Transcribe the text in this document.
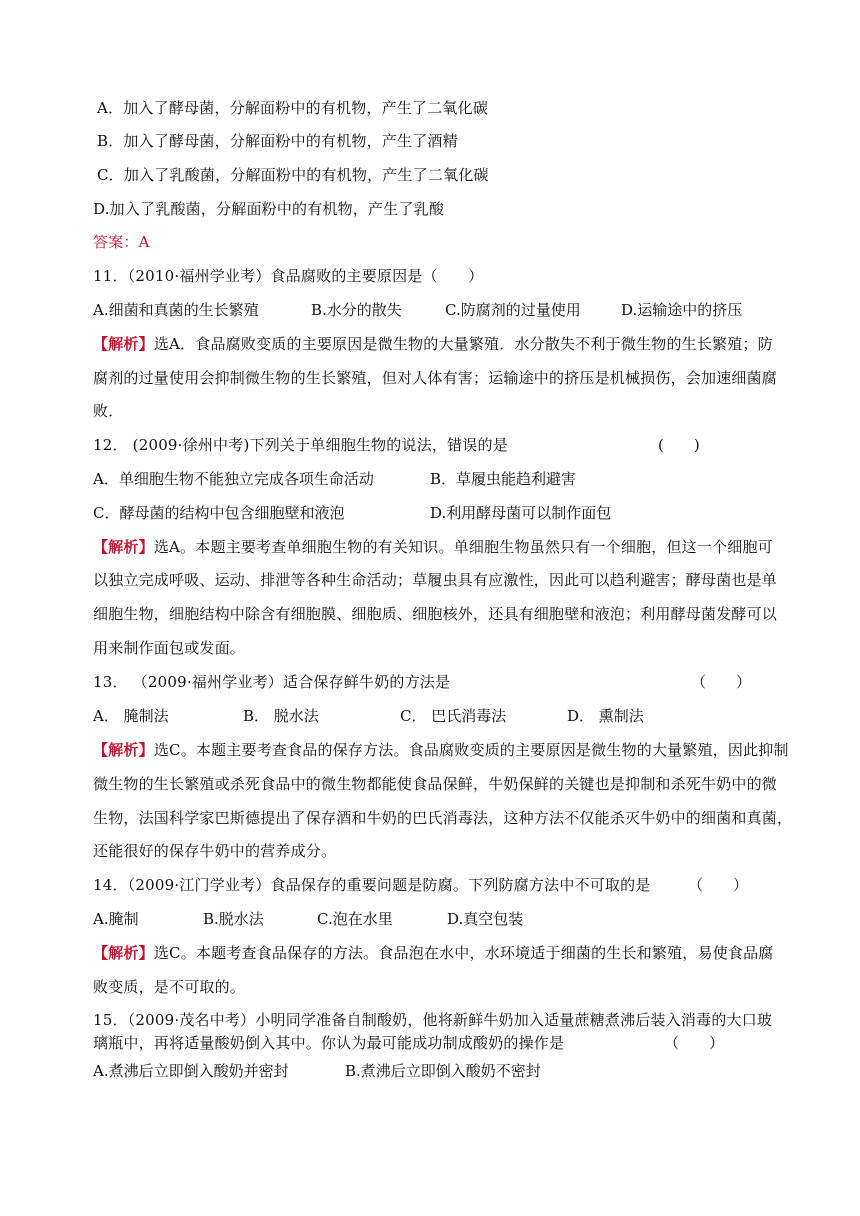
A．加入了酵母菌，分解面粉中的有机物，产生了二氧化碳
B．加入了酵母菌，分解面粉中的有机物，产生了酒精
C．加入了乳酸菌，分解面粉中的有机物，产生了二氧化碳
D.加入了乳酸菌，分解面粉中的有机物，产生了乳酸
答案：A
11．（2010·福州学业考）食品腐败的主要原因是（　　）
A.细菌和真菌的生长繁殖	B.水分的散失	C.防腐剂的过量使用	D.运输途中的挤压
【解析】选A．食品腐败变质的主要原因是微生物的大量繁殖．水分散失不利于微生物的生长繁殖；防
腐剂的过量使用会抑制微生物的生长繁殖，但对人体有害；运输途中的挤压是机械损伤，会加速细菌腐
败．
12． (2009·徐州中考)下列关于单细胞生物的说法，错误的是	(　　)
A．单细胞生物不能独立完成各项生命活动	B．草履虫能趋利避害
C．酵母菌的结构中包含细胞壁和液泡	D.利用酵母菌可以制作面包
【解析】选A。本题主要考查单细胞生物的有关知识。单细胞生物虽然只有一个细胞，但这一个细胞可
以独立完成呼吸、运动、排泄等各种生命活动；草履虫具有应激性，因此可以趋利避害；酵母菌也是单
细胞生物，细胞结构中除含有细胞膜、细胞质、细胞核外，还具有细胞壁和液泡；利用酵母菌发酵可以
用来制作面包或发面。
13． （2009·福州学业考）适合保存鲜牛奶的方法是	（　　）
A． 腌制法	B． 脱水法	C． 巴氏消毒法	D． 熏制法
【解析】选C。本题主要考查食品的保存方法。食品腐败变质的主要原因是微生物的大量繁殖，因此抑制
微生物的生长繁殖或杀死食品中的微生物都能使食品保鲜，牛奶保鲜的关键也是抑制和杀死牛奶中的微
生物，法国科学家巴斯德提出了保存酒和牛奶的巴氏消毒法，这种方法不仅能杀灭牛奶中的细菌和真菌，
还能很好的保存牛奶中的营养成分。
14．（2009·江门学业考）食品保存的重要问题是防腐。下列防腐方法中不可取的是 （　　）
A.腌制	B.脱水法	C.泡在水里	D.真空包装
【解析】选C。本题考查食品保存的方法。食品泡在水中，水环境适于细菌的生长和繁殖，易使食品腐
败变质，是不可取的。
15．（2009·茂名中考）小明同学准备自制酸奶，他将新鲜牛奶加入适量蔗糖煮沸后装入消毒的大口玻
璃瓶中，再将适量酸奶倒入其中。你认为最可能成功制成酸奶的操作是	（　　）
A.煮沸后立即倒入酸奶并密封	B.煮沸后立即倒入酸奶不密封
